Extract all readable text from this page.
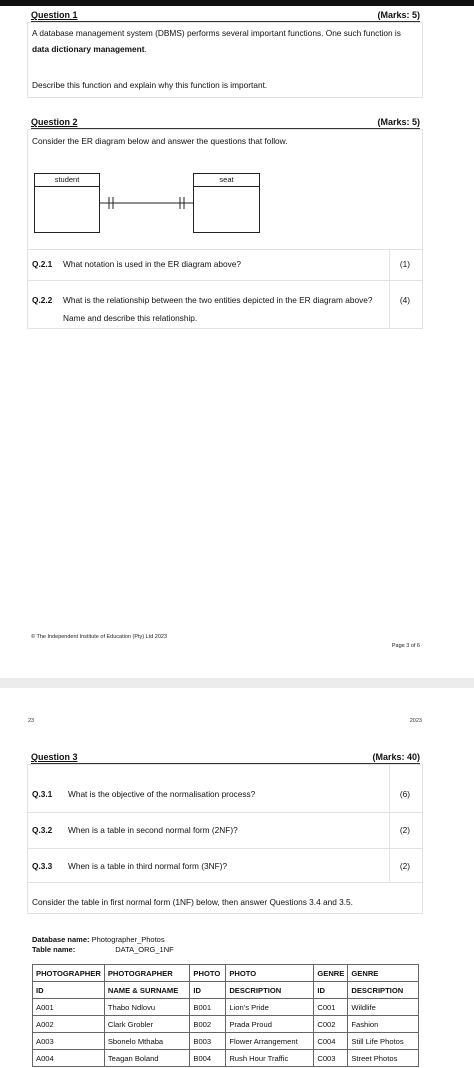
Question 1	(Marks: 5)
A database management system (DBMS) performs several important functions. One such function is data dictionary management.
Describe this function and explain why this function is important.
Question 2	(Marks: 5)
Consider the ER diagram below and answer the questions that follow.
student	seat
Q.2.1 What notation is used in the ER diagram above?	(1)
Q.2.2 What is the relationship between the two entities depicted in the ER diagram above? Name and describe this relationship.
(4)
© The Independent Institute of Education (Pty) Ltd 2023
Page 3 of 6
23	2023
Question 3	(Marks: 40)
Q.3.1 What is the objective of the normalisation process?	(6)
Q.3.2 When is a table in second normal form (2NF)?	(2)
Q.3.3 When is a table in third normal form (3NF)?	(2)
Consider the table in first normal form (1NF) below, then answer Questions 3.4 and 3.5.
Database name: Photographer_Photos
Table name:	DATA_ORG_1NF
PHOTOGRAPHER	PHOTOGRAPHER	PHOTO	PHOTO	GENRE	GENRE
ID	NAME & SURNAME	ID	DESCRIPTION	ID	DESCRIPTION
A001	Thabo Ndlovu	B001	Lion’s Pride	C001	Wildlife
A002	Clark Grobler	B002	Prada Proud	C002	Fashion
A003	Sbonelo Mthaba	B003	Flower Arrangement	C004	Still Life Photos
A004	Teagan Boland	B004	Rush Hour Traffic	C003	Street Photos
